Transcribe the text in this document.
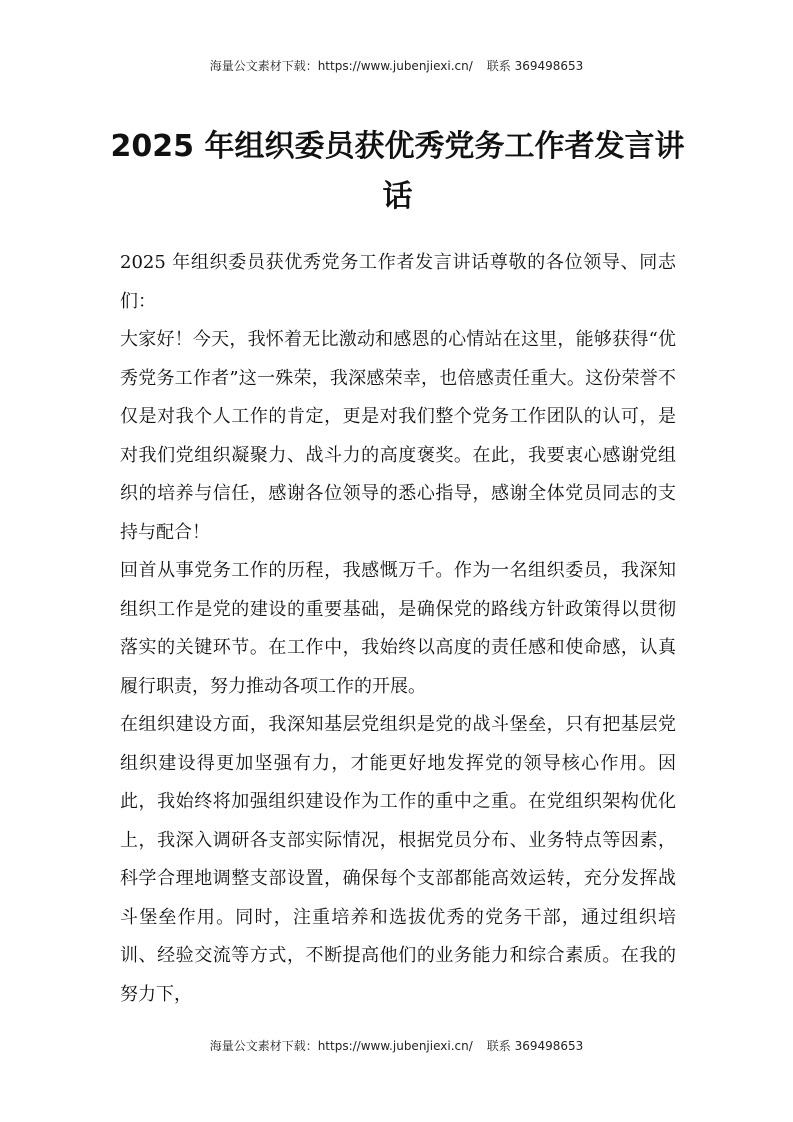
海量公文素材下载：https://www.jubenjiexi.cn/ 联系 369498653
2025 年组织委员获优秀党务工作者发言讲话

2025 年组织委员获优秀党务工作者发言讲话尊敬的各位领导、同志们：

大家好！今天，我怀着无比激动和感恩的心情站在这里，能够获得“优秀党务工作者”这一殊荣，我深感荣幸，也倍感责任重大。这份荣誉不仅是对我个人工作的肯定，更是对我们整个党务工作团队的认可，是对我们党组织凝聚力、战斗力的高度褒奖。在此，我要衷心感谢党组织的培养与信任，感谢各位领导的悉心指导，感谢全体党员同志的支持与配合！

回首从事党务工作的历程，我感慨万千。作为一名组织委员，我深知组织工作是党的建设的重要基础，是确保党的路线方针政策得以贯彻落实的关键环节。在工作中，我始终以高度的责任感和使命感，认真履行职责，努力推动各项工作的开展。

在组织建设方面，我深知基层党组织是党的战斗堡垒，只有把基层党组织建设得更加坚强有力，才能更好地发挥党的领导核心作用。因此，我始终将加强组织建设作为工作的重中之重。在党组织架构优化上，我深入调研各支部实际情况，根据党员分布、业务特点等因素，科学合理地调整支部设置，确保每个支部都能高效运转，充分发挥战斗堡垒作用。同时，注重培养和选拔优秀的党务干部，通过组织培训、经验交流等方式，不断提高他们的业务能力和综合素质。在我的努力下，

海量公文素材下载：https://www.jubenjiexi.cn/ 联系 369498653
